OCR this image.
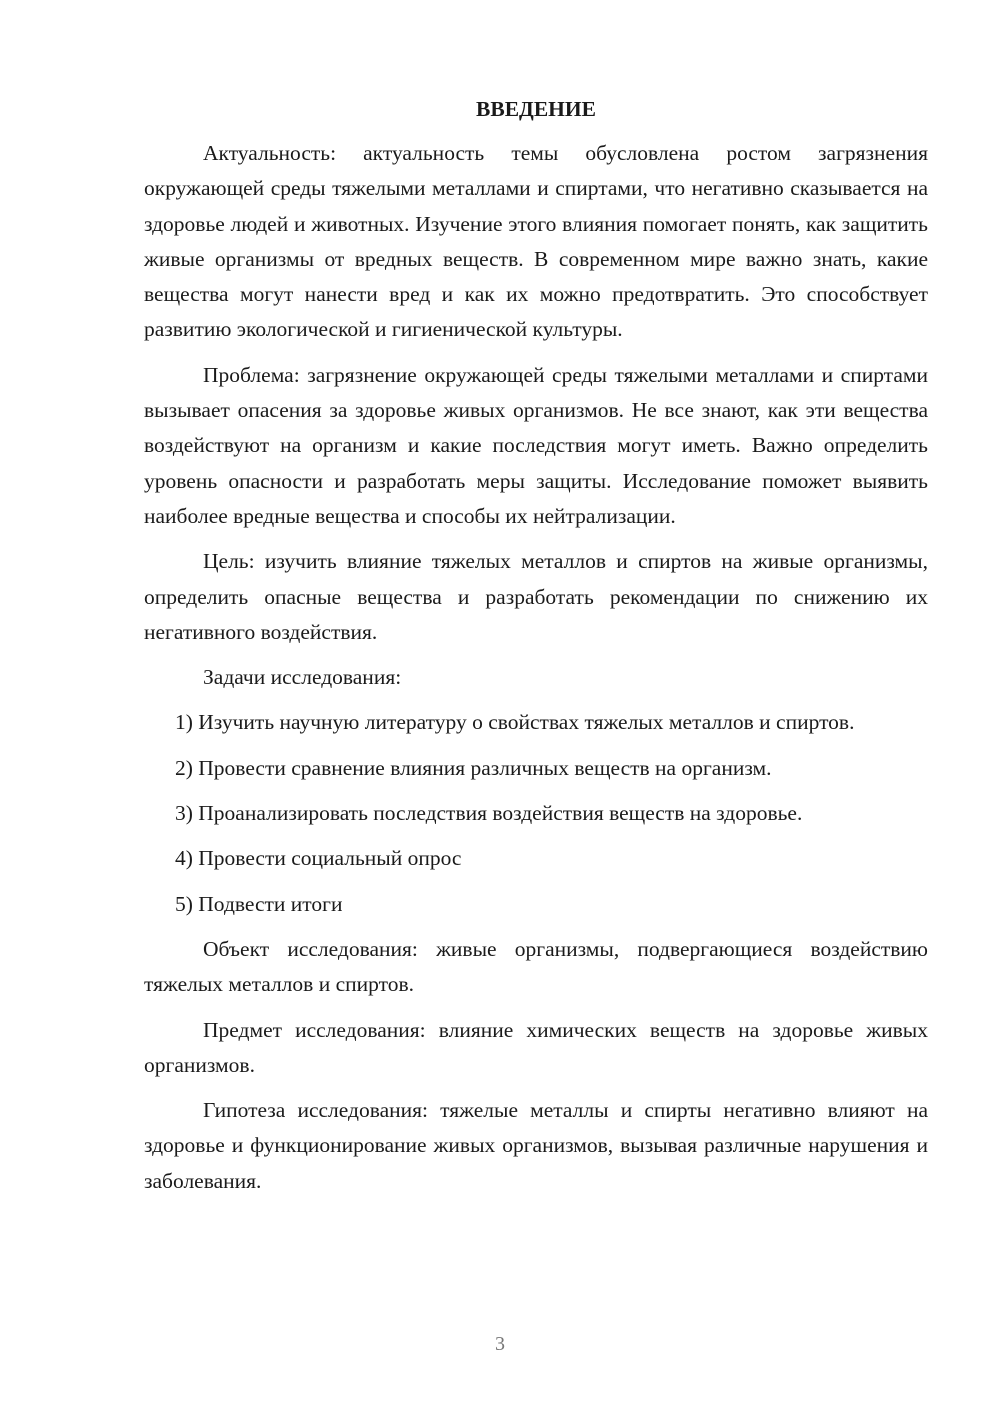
ВВЕДЕНИЕ

Актуальность: актуальность темы обусловлена ростом загрязнения окружающей среды тяжелыми металлами и спиртами, что негативно сказывается на здоровье людей и животных. Изучение этого влияния помогает понять, как защитить живые организмы от вредных веществ. В современном мире важно знать, какие вещества могут нанести вред и как их можно предотвратить. Это способствует развитию экологической и гигиенической культуры.

Проблема: загрязнение окружающей среды тяжелыми металлами и спиртами вызывает опасения за здоровье живых организмов. Не все знают, как эти вещества воздействуют на организм и какие последствия могут иметь. Важно определить уровень опасности и разработать меры защиты. Исследование поможет выявить наиболее вредные вещества и способы их нейтрализации.

Цель: изучить влияние тяжелых металлов и спиртов на живые организмы, определить опасные вещества и разработать рекомендации по снижению их негативного воздействия.

Задачи исследования:

1) Изучить научную литературу о свойствах тяжелых металлов и спиртов.

2) Провести сравнение влияния различных веществ на организм.

3) Проанализировать последствия воздействия веществ на здоровье.

4) Провести социальный опрос

5) Подвести итоги

Объект исследования: живые организмы, подвергающиеся воздействию тяжелых металлов и спиртов.

Предмет исследования: влияние химических веществ на здоровье живых организмов.

Гипотеза исследования: тяжелые металлы и спирты негативно влияют на здоровье и функционирование живых организмов, вызывая различные нарушения и заболевания.

3
